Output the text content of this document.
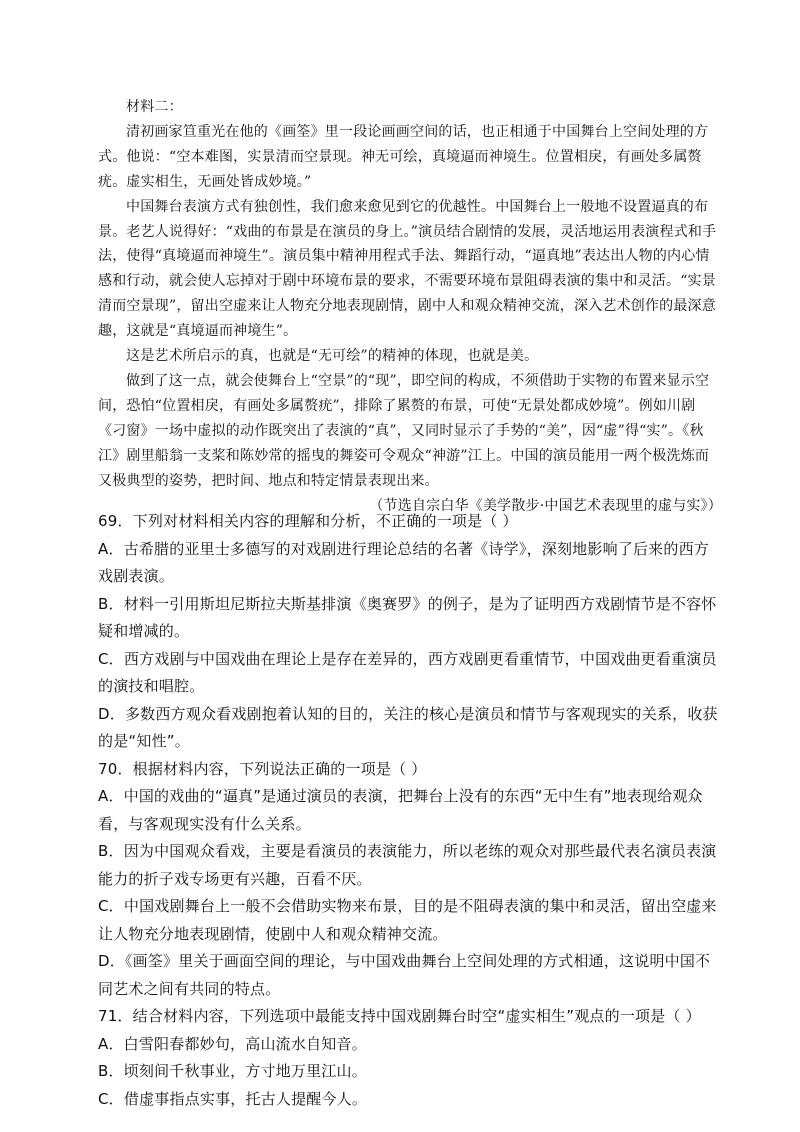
材料二：

清初画家笪重光在他的《画筌》里一段论画画空间的话，也正相通于中国舞台上空间处理的方式。他说：“空本难图，实景清而空景现。神无可绘，真境逼而神境生。位置相戾，有画处多属赘疣。虚实相生，无画处皆成妙境。”

中国舞台表演方式有独创性，我们愈来愈见到它的优越性。中国舞台上一般地不设置逼真的布景。老艺人说得好：“戏曲的布景是在演员的身上。”演员结合剧情的发展，灵活地运用表演程式和手法，使得“真境逼而神境生”。演员集中精神用程式手法、舞蹈行动，“逼真地”表达出人物的内心情感和行动，就会使人忘掉对于剧中环境布景的要求，不需要环境布景阻碍表演的集中和灵活。“实景清而空景现”，留出空虚来让人物充分地表现剧情，剧中人和观众精神交流，深入艺术创作的最深意趣，这就是“真境逼而神境生”。

这是艺术所启示的真，也就是“无可绘”的精神的体现，也就是美。

做到了这一点，就会使舞台上“空景”的“现”，即空间的构成，不须借助于实物的布置来显示空间，恐怕“位置相戾，有画处多属赘疣”，排除了累赘的布景，可使“无景处都成妙境”。例如川剧《刁窗》一场中虚拟的动作既突出了表演的“真”，又同时显示了手势的“美”，因“虚”得“实”。《秋江》剧里船翁一支桨和陈妙常的摇曳的舞姿可令观众“神游”江上。中国的演员能用一两个极洗炼而又极典型的姿势，把时间、地点和特定情景表现出来。

（节选自宗白华《美学散步·中国艺术表现里的虚与实》）

69．下列对材料相关内容的理解和分析，不正确的一项是（ ）

A．古希腊的亚里士多德写的对戏剧进行理论总结的名著《诗学》，深刻地影响了后来的西方戏剧表演。

B．材料一引用斯坦尼斯拉夫斯基排演《奥赛罗》的例子，是为了证明西方戏剧情节是不容怀疑和增减的。

C．西方戏剧与中国戏曲在理论上是存在差异的，西方戏剧更看重情节，中国戏曲更看重演员的演技和唱腔。

D．多数西方观众看戏剧抱着认知的目的，关注的核心是演员和情节与客观现实的关系，收获的是“知性”。

70．根据材料内容，下列说法正确的一项是（ ）

A．中国的戏曲的“逼真”是通过演员的表演，把舞台上没有的东西“无中生有”地表现给观众看，与客观现实没有什么关系。

B．因为中国观众看戏，主要是看演员的表演能力，所以老练的观众对那些最代表名演员表演能力的折子戏专场更有兴趣，百看不厌。

C．中国戏剧舞台上一般不会借助实物来布景，目的是不阻碍表演的集中和灵活，留出空虚来让人物充分地表现剧情，使剧中人和观众精神交流。

D．《画筌》里关于画面空间的理论，与中国戏曲舞台上空间处理的方式相通，这说明中国不同艺术之间有共同的特点。

71．结合材料内容，下列选项中最能支持中国戏剧舞台时空“虚实相生”观点的一项是（ ）

A．白雪阳春都妙句，高山流水自知音。

B．顷刻间千秋事业，方寸地万里江山。

C．借虚事指点实事，托古人提醒今人。
